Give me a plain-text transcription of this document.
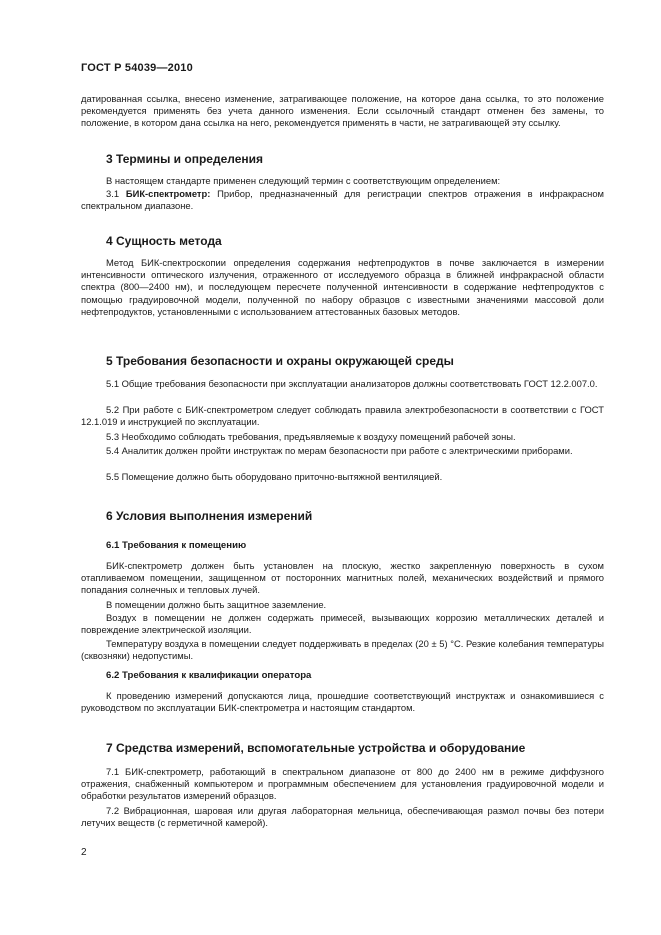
ГОСТ Р 54039—2010
датированная ссылка, внесено изменение, затрагивающее положение, на которое дана ссылка, то это положение рекомендуется применять без учета данного изменения. Если ссылочный стандарт отменен без замены, то положение, в котором дана ссылка на него, рекомендуется применять в части, не затрагивающей эту ссылку.
3 Термины и определения
В настоящем стандарте применен следующий термин с соответствующим определением:
3.1 БИК-спектрометр: Прибор, предназначенный для регистрации спектров отражения в инфракрасном спектральном диапазоне.
4 Сущность метода
Метод БИК-спектроскопии определения содержания нефтепродуктов в почве заключается в измерении интенсивности оптического излучения, отраженного от исследуемого образца в ближней инфракрасной области спектра (800—2400 нм), и последующем пересчете полученной интенсивности в содержание нефтепродуктов с помощью градуировочной модели, полученной по набору образцов с известными значениями массовой доли нефтепродуктов, установленными с использованием аттестованных базовых методов.
5 Требования безопасности и охраны окружающей среды
5.1 Общие требования безопасности при эксплуатации анализаторов должны соответствовать ГОСТ 12.2.007.0.
5.2 При работе с БИК-спектрометром следует соблюдать правила электробезопасности в соответствии с ГОСТ 12.1.019 и инструкцией по эксплуатации.
5.3 Необходимо соблюдать требования, предъявляемые к воздуху помещений рабочей зоны.
5.4 Аналитик должен пройти инструктаж по мерам безопасности при работе с электрическими приборами.
5.5 Помещение должно быть оборудовано приточно-вытяжной вентиляцией.
6 Условия выполнения измерений
6.1 Требования к помещению
БИК-спектрометр должен быть установлен на плоскую, жестко закрепленную поверхность в сухом отапливаемом помещении, защищенном от посторонних магнитных полей, механических воздействий и прямого попадания солнечных и тепловых лучей.
В помещении должно быть защитное заземление.
Воздух в помещении не должен содержать примесей, вызывающих коррозию металлических деталей и повреждение электрической изоляции.
Температуру воздуха в помещении следует поддерживать в пределах (20 ± 5) °С. Резкие колебания температуры (сквозняки) недопустимы.
6.2 Требования к квалификации оператора
К проведению измерений допускаются лица, прошедшие соответствующий инструктаж и ознакомившиеся с руководством по эксплуатации БИК-спектрометра и настоящим стандартом.
7 Средства измерений, вспомогательные устройства и оборудование
7.1 БИК-спектрометр, работающий в спектральном диапазоне от 800 до 2400 нм в режиме диффузного отражения, снабженный компьютером и программным обеспечением для установления градуировочной модели и обработки результатов измерений образцов.
7.2 Вибрационная, шаровая или другая лабораторная мельница, обеспечивающая размол почвы без потери летучих веществ (с герметичной камерой).
2
